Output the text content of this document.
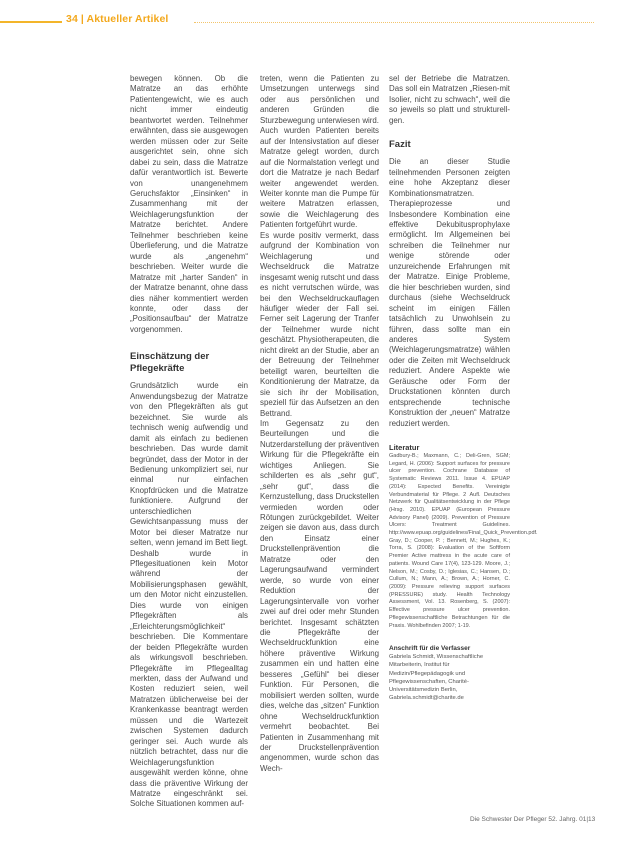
34 | Aktueller Artikel

bewegen können. Ob die Matratze an das erhöhte Patientengewicht, wie es auch nicht immer eindeutig beantwortet werden. Teilnehmer erwähnten, dass sie ausgewogen werden müssen oder zur Seite ausgerichtet sein, ohne sich dabei zu sein, dass die Matratze dafür verantwortlich ist. Bewerte von unangenehmem Geruchsfaktor „Einsinken“ in Zusammenhang mit der Weichlagerungsfunktion der Matratze berichtet. Andere Teilnehmer beschrieben keine Überlieferung, und die Matratze wurde als „angenehm“ beschrieben. Weiter wurde die Matratze mit „harter Sanden“ in der Matratze benannt, ohne dass dies näher kommentiert werden konnte, oder dass der „Positionsaufbau“ der Matratze vorgenommen.

Einschätzung der Pflegekräfte

Grundsätzlich wurde ein Anwendungsbezug der Matratze von den Pflegekräften als gut bezeichnet. Sie wurde als technisch wenig aufwendig und damit als einfach zu bedienen beschrieben. Das wurde damit begründet, dass der Motor in der Bedienung unkompliziert sei, nur einmal nur einfachen Knopfdrücken und die Matratze funktioniere. Aufgrund der unterschiedlichen Gewichtsanpassung muss der Motor bei dieser Matratze nur selten, wenn jemand im Bett liegt. Deshalb wurde in Pflegesituationen kein Motor während der Mobilisierungsphasen gewählt, um den Motor nicht einzustellen. Dies wurde von einigen Pflegekräften als „Erleichterungsmöglichkeit“ beschrieben. Die Kommentare der beiden Pflegekräfte wurden als wirkungsvoll beschrieben. Pflegekräfte im Pflegealltag merkten, dass der Aufwand und Kosten reduziert seien, weil Matratzen üblicherweise bei der Krankenkasse beantragt werden müssen und die Wartezeit zwischen Systemen dadurch geringer sei. Auch wurde als nützlich betrachtet, dass nur die Weichlagerungsfunktion ausgewählt werden könne, ohne dass die präventive Wirkung der Matratze eingeschränkt sei. Solche Situationen kommen auf-

treten, wenn die Patienten zu Umsetzungen unterwegs sind oder aus persönlichen und anderen Gründen die Sturzbewegung unterwiesen wird. Auch wurden Patienten bereits auf der Intensivstation auf dieser Matratze gelegt worden, durch auf die Normalstation verlegt und dort die Matratze je nach Bedarf weiter angewendet werden. Weiter konnte man die Pumpe für weitere Matratzen erlassen, sowie die Weichlagerung des Patienten fortgeführt wurde.

Es wurde positiv vermerkt, dass aufgrund der Kombination von Weichlagerung und Wechseldruck die Matratze insgesamt wenig rutscht und dass es nicht verrutschen würde, was bei den Wechseldruckauflagen häufiger wieder der Fall sei. Ferner seit Lagerung der Tranfer der Teilnehmer wurde nicht geschätzt. Physiotherapeuten, die nicht direkt an der Studie, aber an der Betreuung der Teilnehmer beteiligt waren, beurteilten die Konditionierung der Matratze, da sie sich ihr der Mobilisation, speziell für das Aufsetzen an den Bettrand.

Im Gegensatz zu den Beurteilungen und die Nutzerdarstellung der präventiven Wirkung für die Pflegekräfte ein wichtiges Anliegen. Sie schilderten es als „sehr gut“, „sehr gut“, dass die Kernzustellung, dass Druckstellen vermieden worden oder Rötungen zurückgebildet. Weiter zeigen sie davon aus, dass durch den Einsatz einer Druckstellenprävention die Matratze oder den Lagerungsaufwand vermindert werde, so wurde von einer Reduktion der Lagerungsintervalle von vorher zwei auf drei oder mehr Stunden berichtet. Insgesamt schätzten die Pflegekräfte der Wechseldruckfunktion eine höhere präventive Wirkung zusammen ein und hatten eine besseres „Gefühl“ bei dieser Funktion. Für Personen, die mobilisiert werden sollten, wurde dies, welche das „sitzen“ Funktion ohne Wechseldruckfunktion vermehrt beobachtet. Bei Patienten in Zusammenhang mit der Druckstellenprävention angenommen, wurde schon das Wech-

sel der Betriebe die Matratzen. Das soll ein Matratzen „Riesen-mit Isolier, nicht zu schwach“, weil die so jeweils so platt und strukturell-gen.

Fazit

Die an dieser Studie teilnehmenden Personen zeigten eine hohe Akzeptanz dieser Kombinationsmatratzen. Therapieprozesse und Insbesondere Kombination eine effektive Dekubitusprophylaxe ermöglicht. Im Allgemeinen bei schreiben die Teilnehmer nur wenige störende oder unzureichende Erfahrungen mit der Matratze. Einige Probleme, die hier beschrieben wurden, sind durchaus (siehe Wechseldruck scheint im einigen Fällen tatsächlich zu Unwohlsein zu führen, dass sollte man ein anderes System (Weichlagerungsmatratze) wählen oder die Zeiten mit Wechseldruck reduziert. Andere Aspekte wie Geräusche oder Form der Druckstationen könnten durch entsprechende technische Konstruktion der „neuen“ Matratze reduziert werden.

Literatur

Gadbury-B.; Maxmann, C.; Deli-Gren, SGM; Legard, H. (2006): Support surfaces for pressure ulcer prevention. Cochrane Database of Systematic Reviews 2011. Issue 4. EPUAP (2014): Expected Benefits. Vereinigte Verbundmaterial für Pflege. 2 Aufl. Deutsches Netzwerk für Qualitätsentwicklung in der Pflege (Hrsg. 2010). EPUAP (European Pressure Advisory Panel) (2009). Prevention of Pressure Ulcers: Treatment Guidelines. http://www.epuap.org/guidelines/Final_Quick_Prevention.pdf. Gray, D.; Cooper, P. ; Bennett, M.; Hughes, K.; Torra, S. (2008): Evaluation of the Softform Premier Active mattress in the acute care of patients. Wound Care 17(4), 123-129. Moore, J.; Nelson, M.; Cosby, D.; Iglesias, C.; Hansen, D.; Cullum, N.; Mann, A.; Brown, A.; Horner, C. (2009): Pressure relieving support surfaces (PRESSURE) study. Health Technology Assessment, Vol. 13. Rosenberg, S. (2007): Effective pressure ulcer prevention. Pflegewissenschaftliche Betrachtungen für die Praxis. Wohlbefinden 2007; 1-19.

Anschrift für die Verfasser
Gabriela Schmidt, Wissenschaftliche Mitarbeiterin, Institut für Medizin/Pflegepädagogik und Pflegewissenschaften, Charité-Universitätsmedizin Berlin, Gabriela.schmidt@charite.de
Die Schwester Der Pfleger 52. Jahrg. 01|13
